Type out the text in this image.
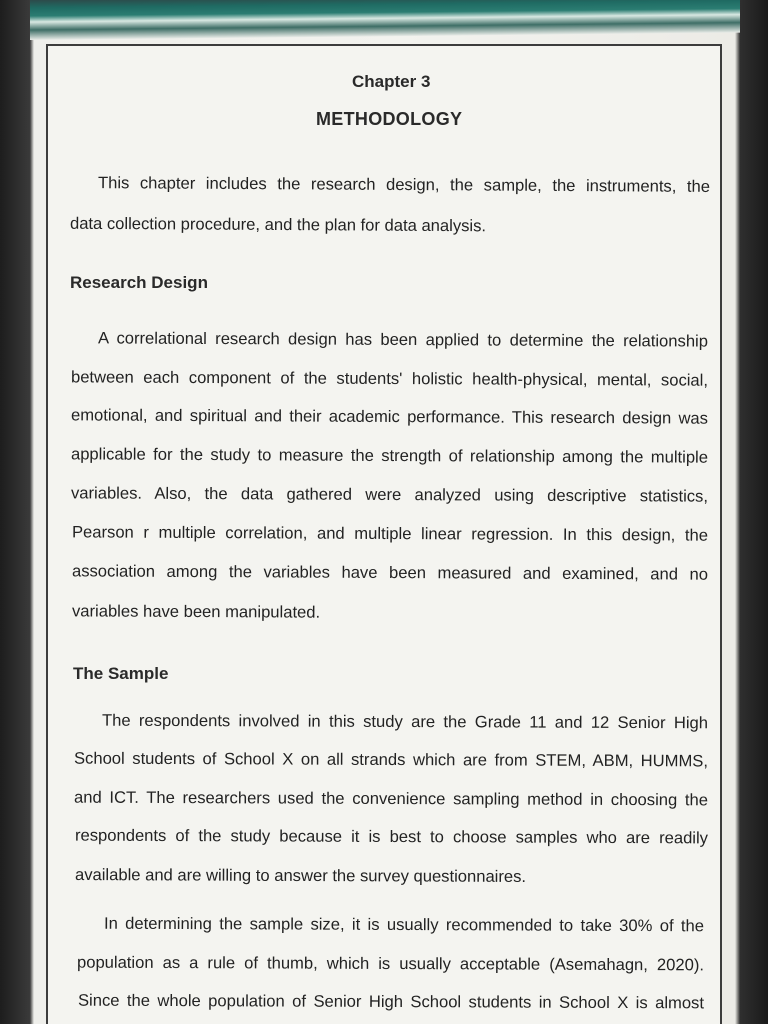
Chapter 3
METHODOLOGY
This chapter includes the research design, the sample, the instruments, the
data collection procedure, and the plan for data analysis.
Research Design
A correlational research design has been applied to determine the relationship
between each component of the students' holistic health-physical, mental, social,
emotional, and spiritual and their academic performance. This research design was
applicable for the study to measure the strength of relationship among the multiple
variables. Also, the data gathered were analyzed using descriptive statistics,
Pearson r multiple correlation, and multiple linear regression. In this design, the
association among the variables have been measured and examined, and no
variables have been manipulated.
The Sample
The respondents involved in this study are the Grade 11 and 12 Senior High
School students of School X on all strands which are from STEM, ABM, HUMMS,
and ICT. The researchers used the convenience sampling method in choosing the
respondents of the study because it is best to choose samples who are readily
available and are willing to answer the survey questionnaires.
In determining the sample size, it is usually recommended to take 30% of the
population as a rule of thumb, which is usually acceptable (Asemahagn, 2020).
Since the whole population of Senior High School students in School X is almost
